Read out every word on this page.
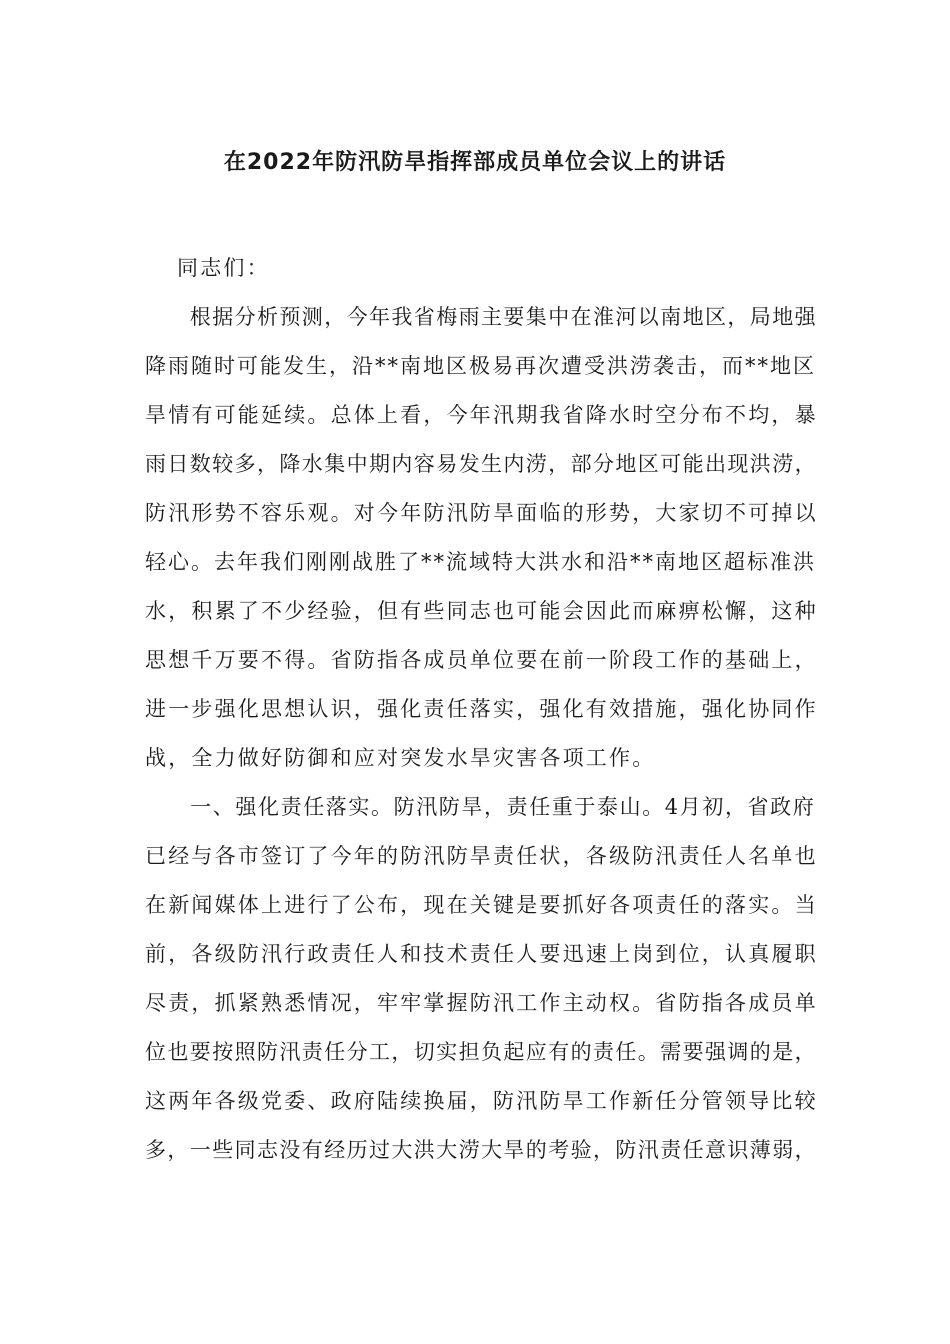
在2022年防汛防旱指挥部成员单位会议上的讲话
同志们：
　　根据分析预测，今年我省梅雨主要集中在淮河以南地区，局地强
降雨随时可能发生，沿**南地区极易再次遭受洪涝袭击，而**地区
旱情有可能延续。总体上看，今年汛期我省降水时空分布不均，暴
雨日数较多，降水集中期内容易发生内涝，部分地区可能出现洪涝，
防汛形势不容乐观。对今年防汛防旱面临的形势，大家切不可掉以
轻心。去年我们刚刚战胜了**流域特大洪水和沿**南地区超标准洪
水，积累了不少经验，但有些同志也可能会因此而麻痹松懈，这种
思想千万要不得。省防指各成员单位要在前一阶段工作的基础上，
进一步强化思想认识，强化责任落实，强化有效措施，强化协同作
战，全力做好防御和应对突发水旱灾害各项工作。
　　一、强化责任落实。防汛防旱，责任重于泰山。4月初，省政府
已经与各市签订了今年的防汛防旱责任状，各级防汛责任人名单也
在新闻媒体上进行了公布，现在关键是要抓好各项责任的落实。当
前，各级防汛行政责任人和技术责任人要迅速上岗到位，认真履职
尽责，抓紧熟悉情况，牢牢掌握防汛工作主动权。省防指各成员单
位也要按照防汛责任分工，切实担负起应有的责任。需要强调的是，
这两年各级党委、政府陆续换届，防汛防旱工作新任分管领导比较
多，一些同志没有经历过大洪大涝大旱的考验，防汛责任意识薄弱，
